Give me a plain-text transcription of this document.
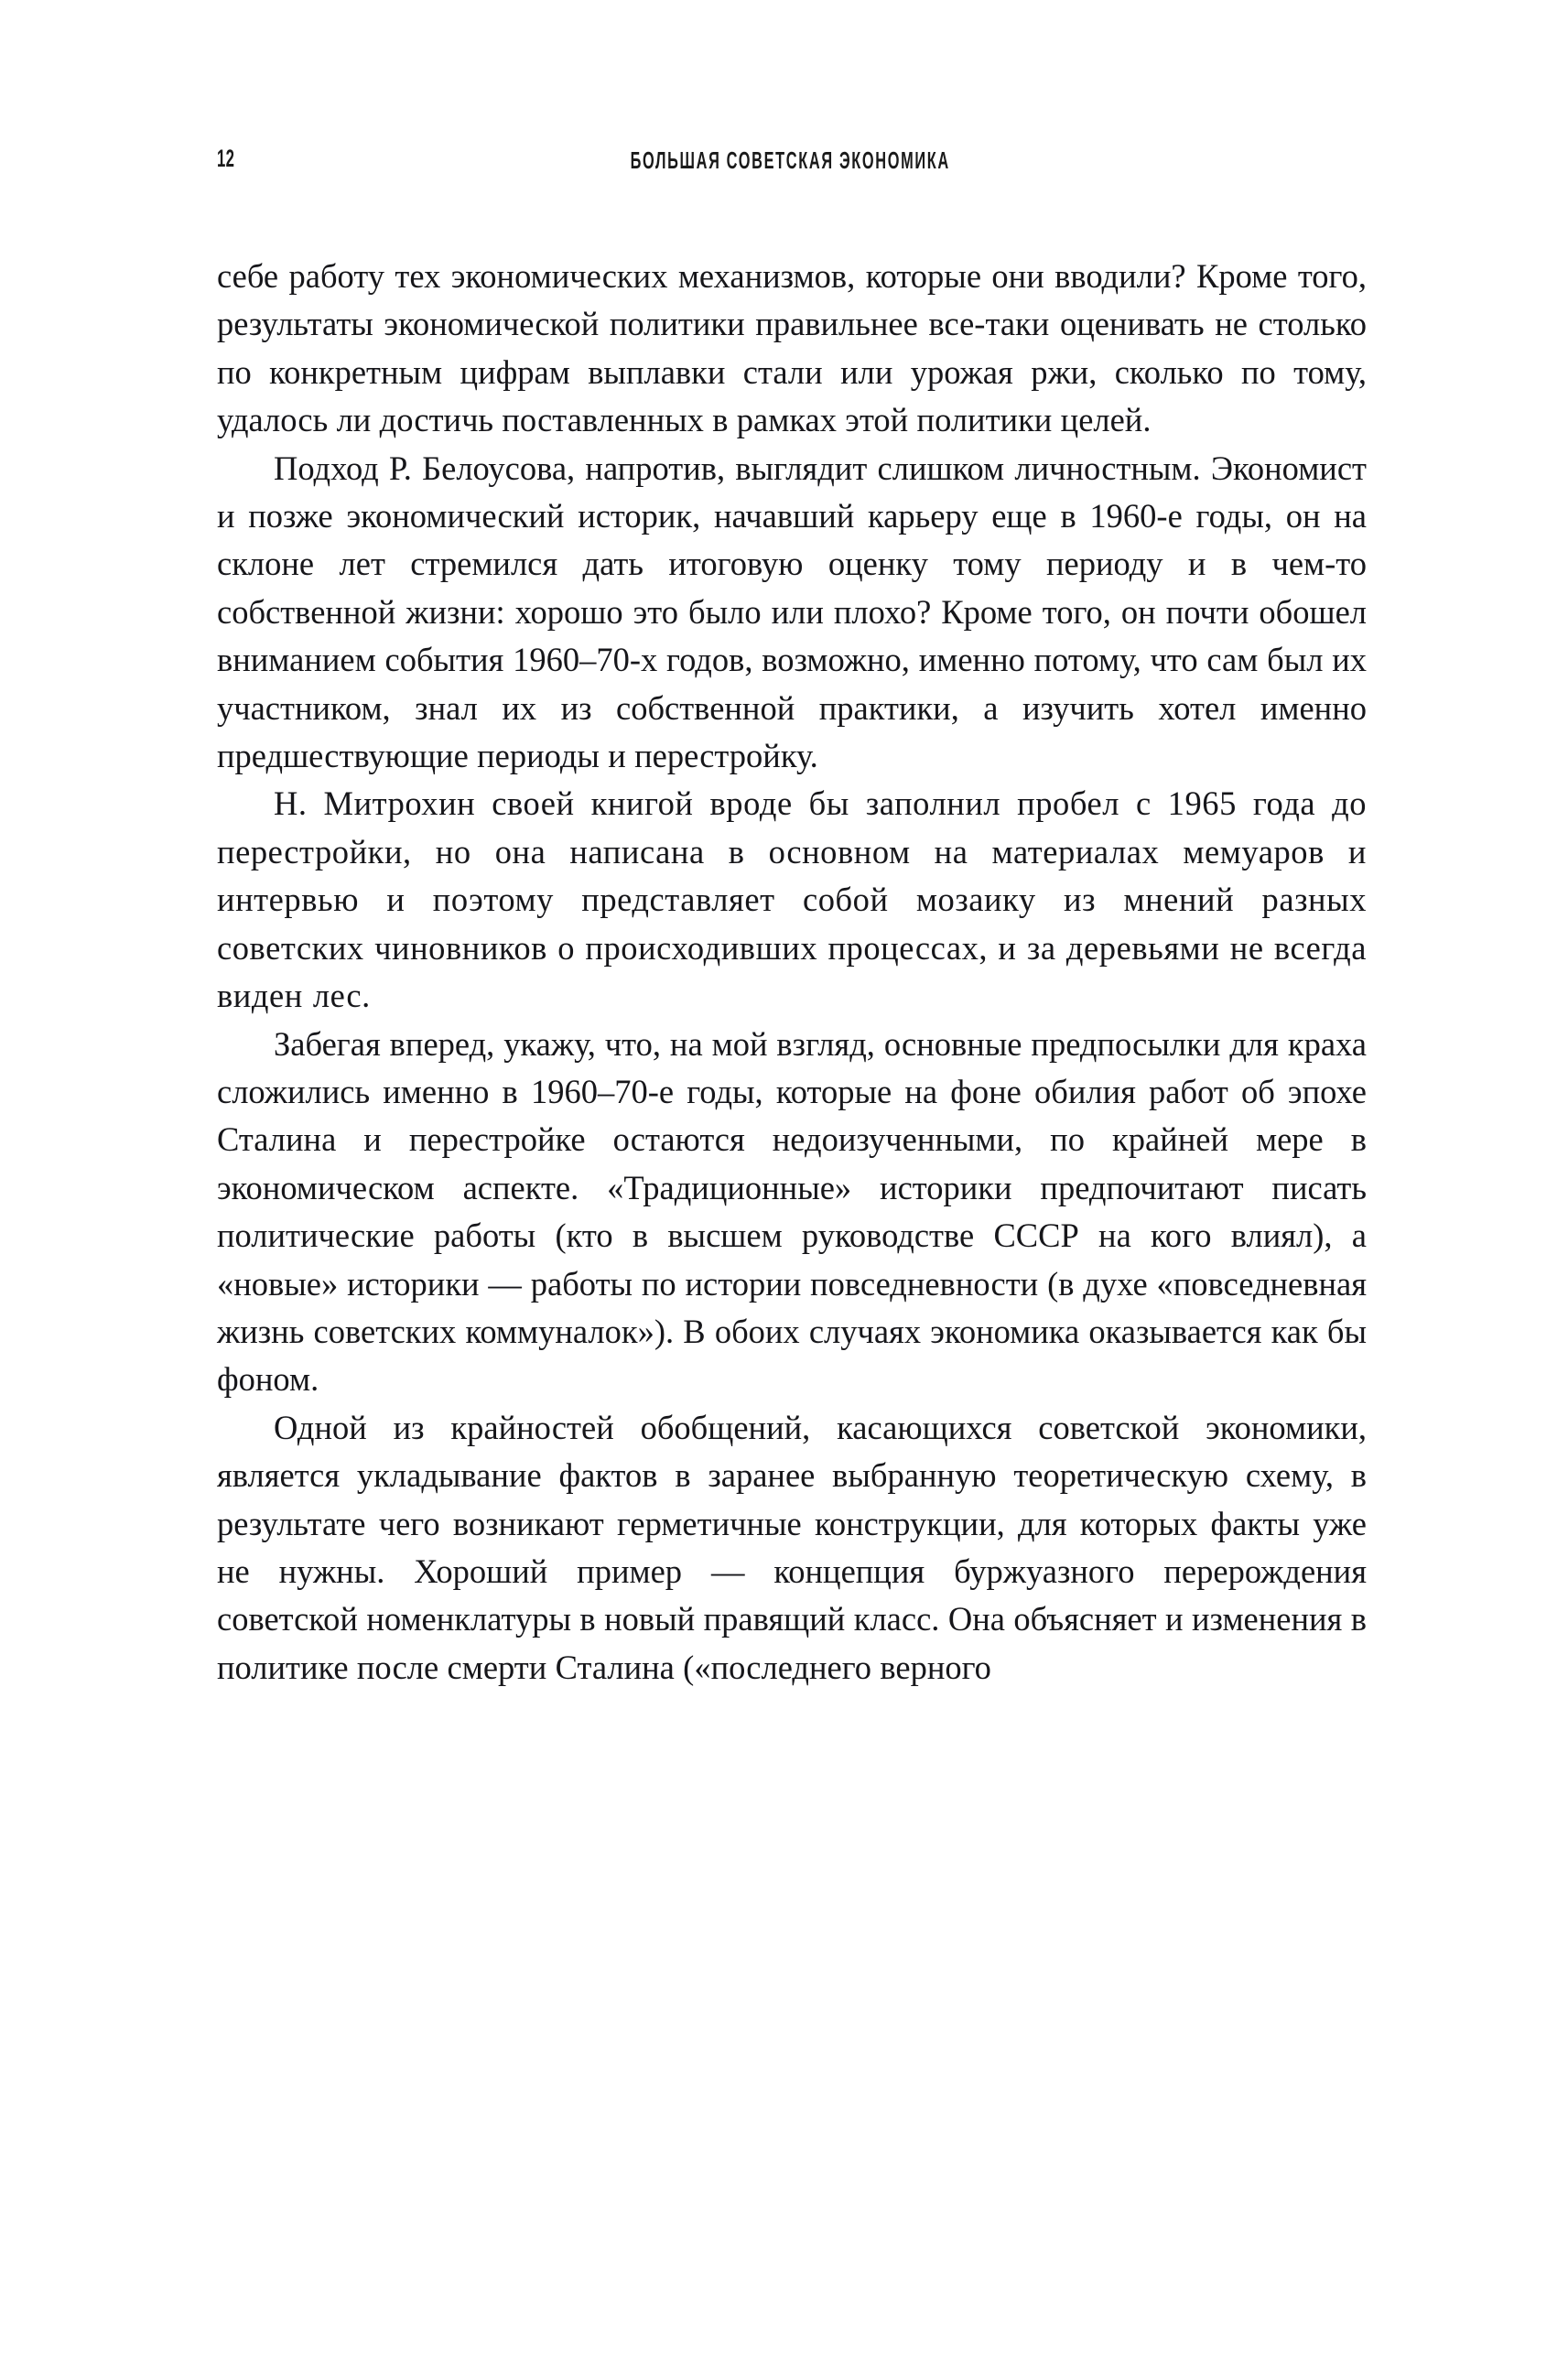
12	БОЛЬШАЯ СОВЕТСКАЯ ЭКОНОМИКА

себе работу тех экономических механизмов, которые они вводили? Кроме того, результаты экономической политики правильнее все-таки оценивать не столько по конкретным цифрам выплавки стали или урожая ржи, сколько по тому, удалось ли достичь поставленных в рамках этой политики целей.

Подход Р. Белоусова, напротив, выглядит слишком личностным. Экономист и позже экономический историк, начавший карьеру еще в 1960-е годы, он на склоне лет стремился дать итоговую оценку тому периоду и в чем-то собственной жизни: хорошо это было или плохо? Кроме того, он почти обошел вниманием события 1960–70-х годов, возможно, именно потому, что сам был их участником, знал их из собственной практики, а изучить хотел именно предшествующие периоды и перестройку.

Н. Митрохин своей книгой вроде бы заполнил пробел с 1965 года до перестройки, но она написана в основном на материалах мемуаров и интервью и поэтому представляет собой мозаику из мнений разных советских чиновников о происходивших процессах, и за деревьями не всегда виден лес.

Забегая вперед, укажу, что, на мой взгляд, основные предпосылки для краха сложились именно в 1960–70-е годы, которые на фоне обилия работ об эпохе Сталина и перестройке остаются недоизученными, по крайней мере в экономическом аспекте. «Традиционные» историки предпочитают писать политические работы (кто в высшем руководстве СССР на кого влиял), а «новые» историки — работы по истории повседневности (в духе «повседневная жизнь советских коммуналок»). В обоих случаях экономика оказывается как бы фоном.

Одной из крайностей обобщений, касающихся советской экономики, является укладывание фактов в заранее выбранную теоретическую схему, в результате чего возникают герметичные конструкции, для которых факты уже не нужны. Хороший пример — концепция буржуазного перерождения советской номенклатуры в новый правящий класс. Она объясняет и изменения в политике после смерти Сталина («последнего верного
